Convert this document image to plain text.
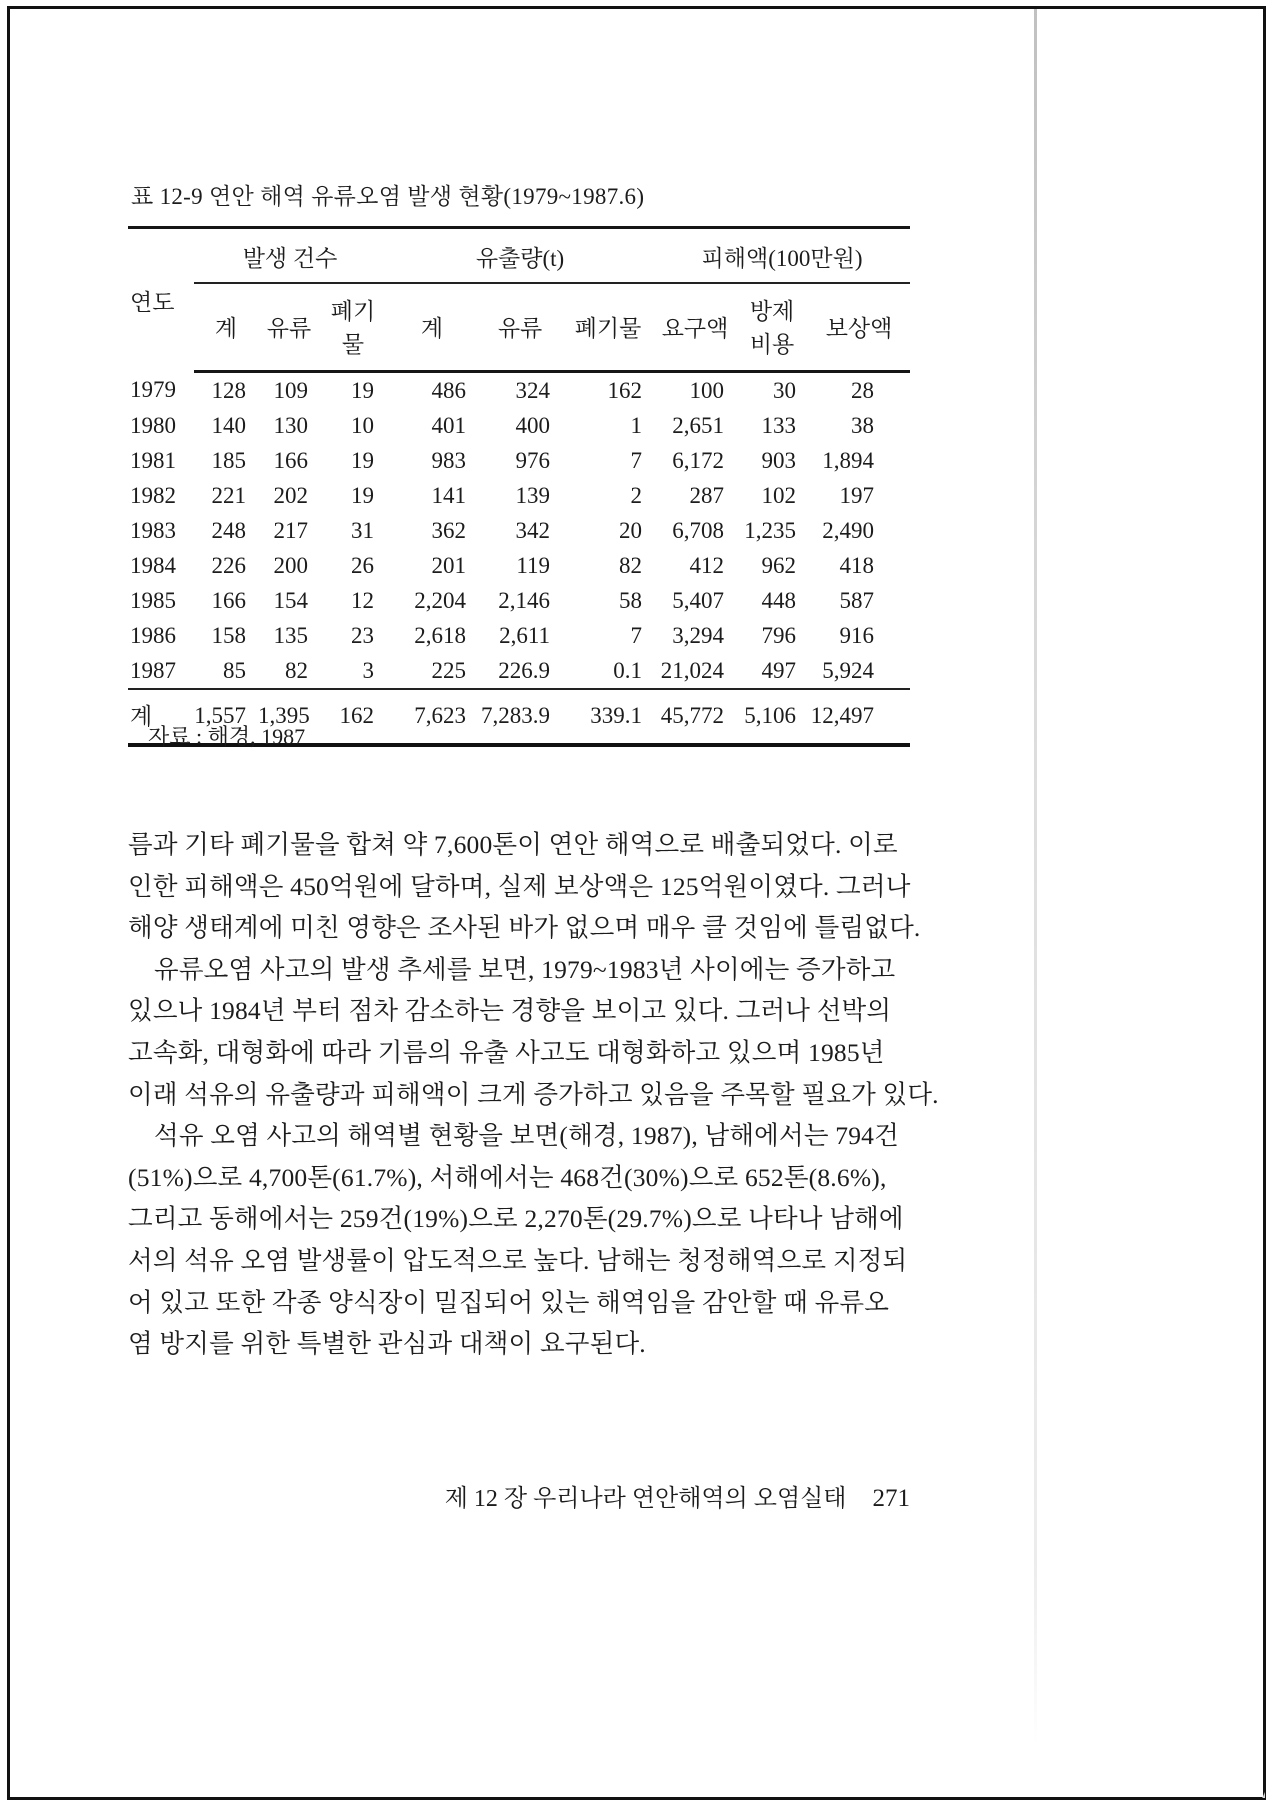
표 12-9 연안 해역 유류오염 발생 현황(1979~1987.6)
연도	발생 건수			유출량(t)			피해액(100만원)		
	계	유류	폐기물	계	유류	폐기물	요구액	방제비용	보상액
1979	128	109	19	486	324	162	100	30	28
1980	140	130	10	401	400	1	2,651	133	38
1981	185	166	19	983	976	7	6,172	903	1,894
1982	221	202	19	141	139	2	287	102	197
1983	248	217	31	362	342	20	6,708	1,235	2,490
1984	226	200	26	201	119	82	412	962	418
1985	166	154	12	2,204	2,146	58	5,407	448	587
1986	158	135	23	2,618	2,611	7	3,294	796	916
1987	85	82	3	225	226.9	0.1	21,024	497	5,924
계	1,557	1,395	162	7,623	7,283.9	339.1	45,772	5,106	12,497
자료 : 해경, 1987
름과 기타 폐기물을 합쳐 약 7,600톤이 연안 해역으로 배출되었다. 이로
인한 피해액은 450억원에 달하며, 실제 보상액은 125억원이였다. 그러나
해양 생태계에 미친 영향은 조사된 바가 없으며 매우 클 것임에 틀림없다.
유류오염 사고의 발생 추세를 보면, 1979~1983년 사이에는 증가하고
있으나 1984년 부터 점차 감소하는 경향을 보이고 있다. 그러나 선박의
고속화, 대형화에 따라 기름의 유출 사고도 대형화하고 있으며 1985년
이래 석유의 유출량과 피해액이 크게 증가하고 있음을 주목할 필요가 있다.
석유 오염 사고의 해역별 현황을 보면(해경, 1987), 남해에서는 794건
(51%)으로 4,700톤(61.7%), 서해에서는 468건(30%)으로 652톤(8.6%),
그리고 동해에서는 259건(19%)으로 2,270톤(29.7%)으로 나타나 남해에
서의 석유 오염 발생률이 압도적으로 높다. 남해는 청정해역으로 지정되
어 있고 또한 각종 양식장이 밀집되어 있는 해역임을 감안할 때 유류오
염 방지를 위한 특별한 관심과 대책이 요구된다.
제 12 장 우리나라 연안해역의 오염실태 271
